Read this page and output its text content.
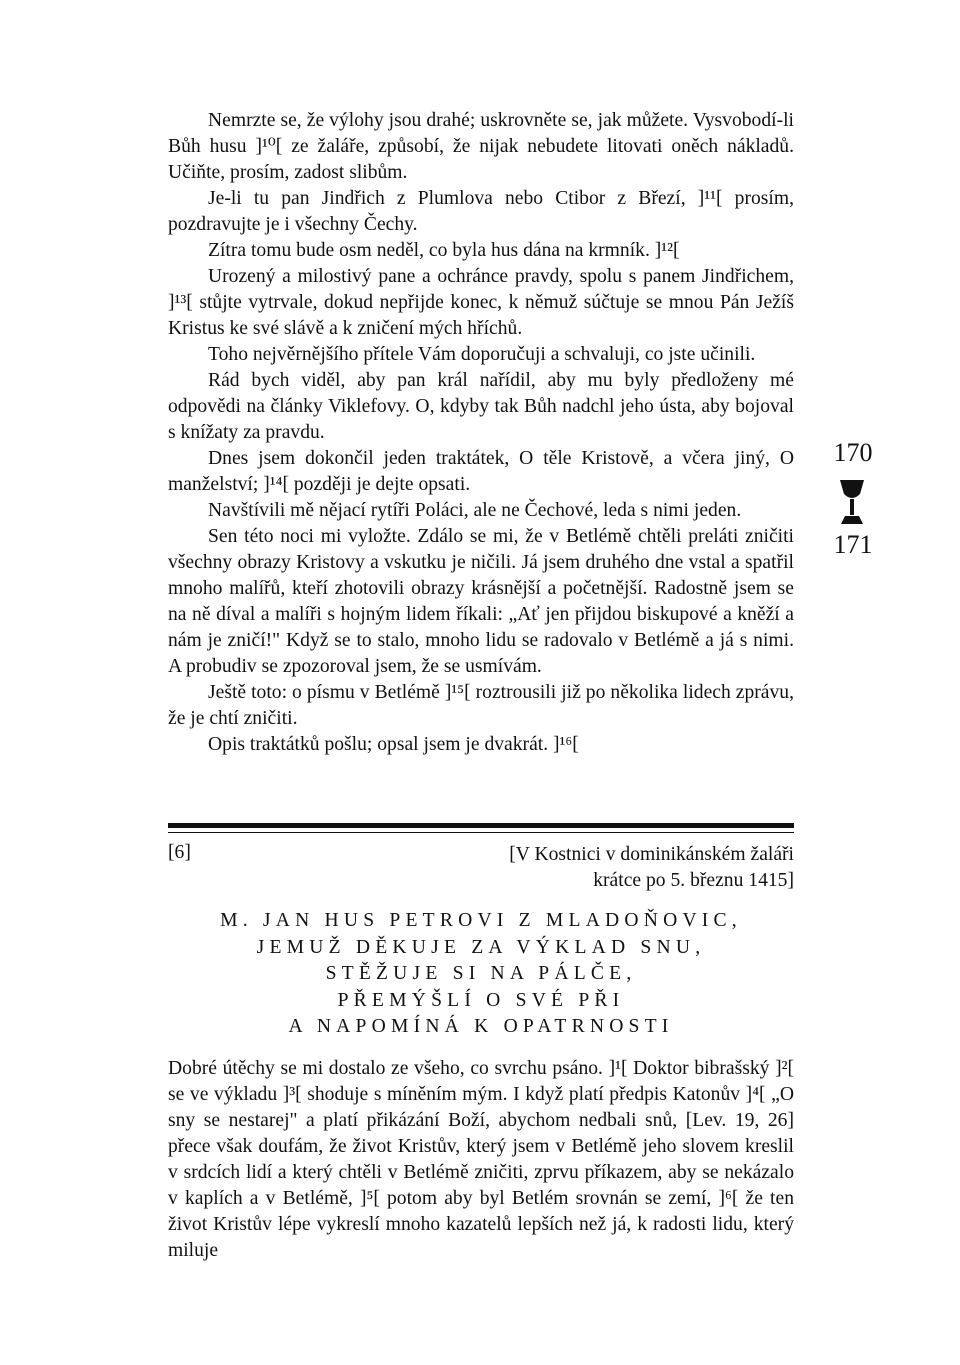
Nemrzte se, že výlohy jsou drahé; uskrovněte se, jak můžete. Vysvobodí-li Bůh husu ]¹⁰[ ze žaláře, způsobí, že nijak nebudete litovati oněch nákladů. Učiňte, prosím, zadost slibům.

Je-li tu pan Jindřich z Plumlova nebo Ctibor z Březí, ]¹¹[ prosím, pozdravujte je i všechny Čechy.

Zítra tomu bude osm neděl, co byla hus dána na krmník. ]¹²[

Urozený a milostivý pane a ochránce pravdy, spolu s panem Jindřichem, ]¹³[ stůjte vytrvale, dokud nepřijde konec, k němuž súčtuje se mnou Pán Ježíš Kristus ke své slávě a k zničení mých hříchů.

Toho nejvěrnějšího přítele Vám doporučuji a schvaluji, co jste učinili.

Rád bych viděl, aby pan král nařídil, aby mu byly předloženy mé odpovědi na články Viklefovy. O, kdyby tak Bůh nadchl jeho ústa, aby bojoval s knížaty za pravdu.

Dnes jsem dokončil jeden traktátek, O těle Kristově, a včera jiný, O manželství; ]¹⁴[ později je dejte opsati.

Navštívili mě nějací rytíři Poláci, ale ne Čechové, leda s nimi jeden.

Sen této noci mi vyložte. Zdálo se mi, že v Betlémě chtěli preláti zničiti všechny obrazy Kristovy a vskutku je ničili. Já jsem druhého dne vstal a spatřil mnoho malířů, kteří zhotovili obrazy krásnější a početnější. Radostně jsem se na ně díval a malíři s hojným lidem říkali: „Ať jen přijdou biskupové a kněží a nám je zničí!" Když se to stalo, mnoho lidu se radovalo v Betlémě a já s nimi. A probudiv se zpozoroval jsem, že se usmívám.

Ještě toto: o písmu v Betlémě ]¹⁵[ roztrousili již po několika lidech zprávu, že je chtí zničiti.

Opis traktátků pošlu; opsal jsem je dvakrát. ]¹⁶[

170
171
[6]	[V Kostnici v dominikánském žaláři
krátce po 5. březnu 1415]
M. JAN HUS PETROVI Z MLADOŇOVIC,
JEMUŽ DĚKUJE ZA VÝKLAD SNU,
STĚŽUJE SI NA PÁLČE,
PŘEMÝŠLÍ O SVÉ PŘI
A NAPOMÍNÁ K OPATRNOSTI

Dobré útěchy se mi dostalo ze všeho, co svrchu psáno. ]¹[ Doktor bibrašský ]²[ se ve výkladu ]³[ shoduje s míněním mým. I když platí předpis Katonův ]⁴[ „O sny se nestarej" a platí přikázání Boží, abychom nedbali snů, [Lev. 19, 26] přece však doufám, že život Kristův, který jsem v Betlémě jeho slovem kreslil v srdcích lidí a který chtěli v Betlémě zničiti, zprvu příkazem, aby se nekázalo v kaplích a v Betlémě, ]⁵[ potom aby byl Betlém srovnán se zemí, ]⁶[ že ten život Kristův lépe vykreslí mnoho kazatelů lepších než já, k radosti lidu, který miluje
